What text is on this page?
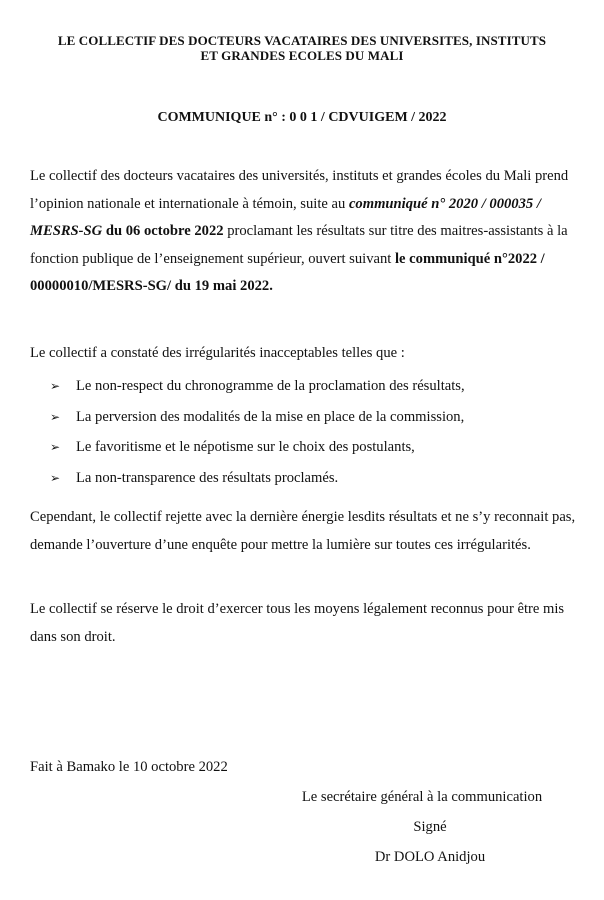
LE COLLECTIF DES DOCTEURS VACATAIRES DES UNIVERSITES, INSTITUTS
ET GRANDES ECOLES DU MALI
COMMUNIQUE n° : 0 0 1 / CDVUIGEM / 2022

Le collectif des docteurs vacataires des universités, instituts et grandes écoles du Mali prend l’opinion nationale et internationale à témoin, suite au communiqué n° 2020 / 000035 / MESRS-SG du 06 octobre 2022 proclamant les résultats sur titre des maitres-assistants à la fonction publique de l’enseignement supérieur, ouvert suivant le communiqué n°2022 / 00000010/MESRS-SG/ du 19 mai 2022.

Le collectif a constaté des irrégularités inacceptables telles que :

➢	Le non-respect du chronogramme de la proclamation des résultats,
➢	La perversion des modalités de la mise en place de la commission,
➢	Le favoritisme et le népotisme sur le choix des postulants,
➢	La non-transparence des résultats proclamés.

Cependant, le collectif rejette avec la dernière énergie lesdits résultats et ne s’y reconnait pas, demande l’ouverture d’une enquête pour mettre la lumière sur toutes ces irrégularités.

Le collectif se réserve le droit d’exercer tous les moyens légalement reconnus pour être mis dans son droit.

Fait à Bamako le 10 octobre 2022
Le secrétaire général à la communication
Signé
Dr DOLO Anidjou
